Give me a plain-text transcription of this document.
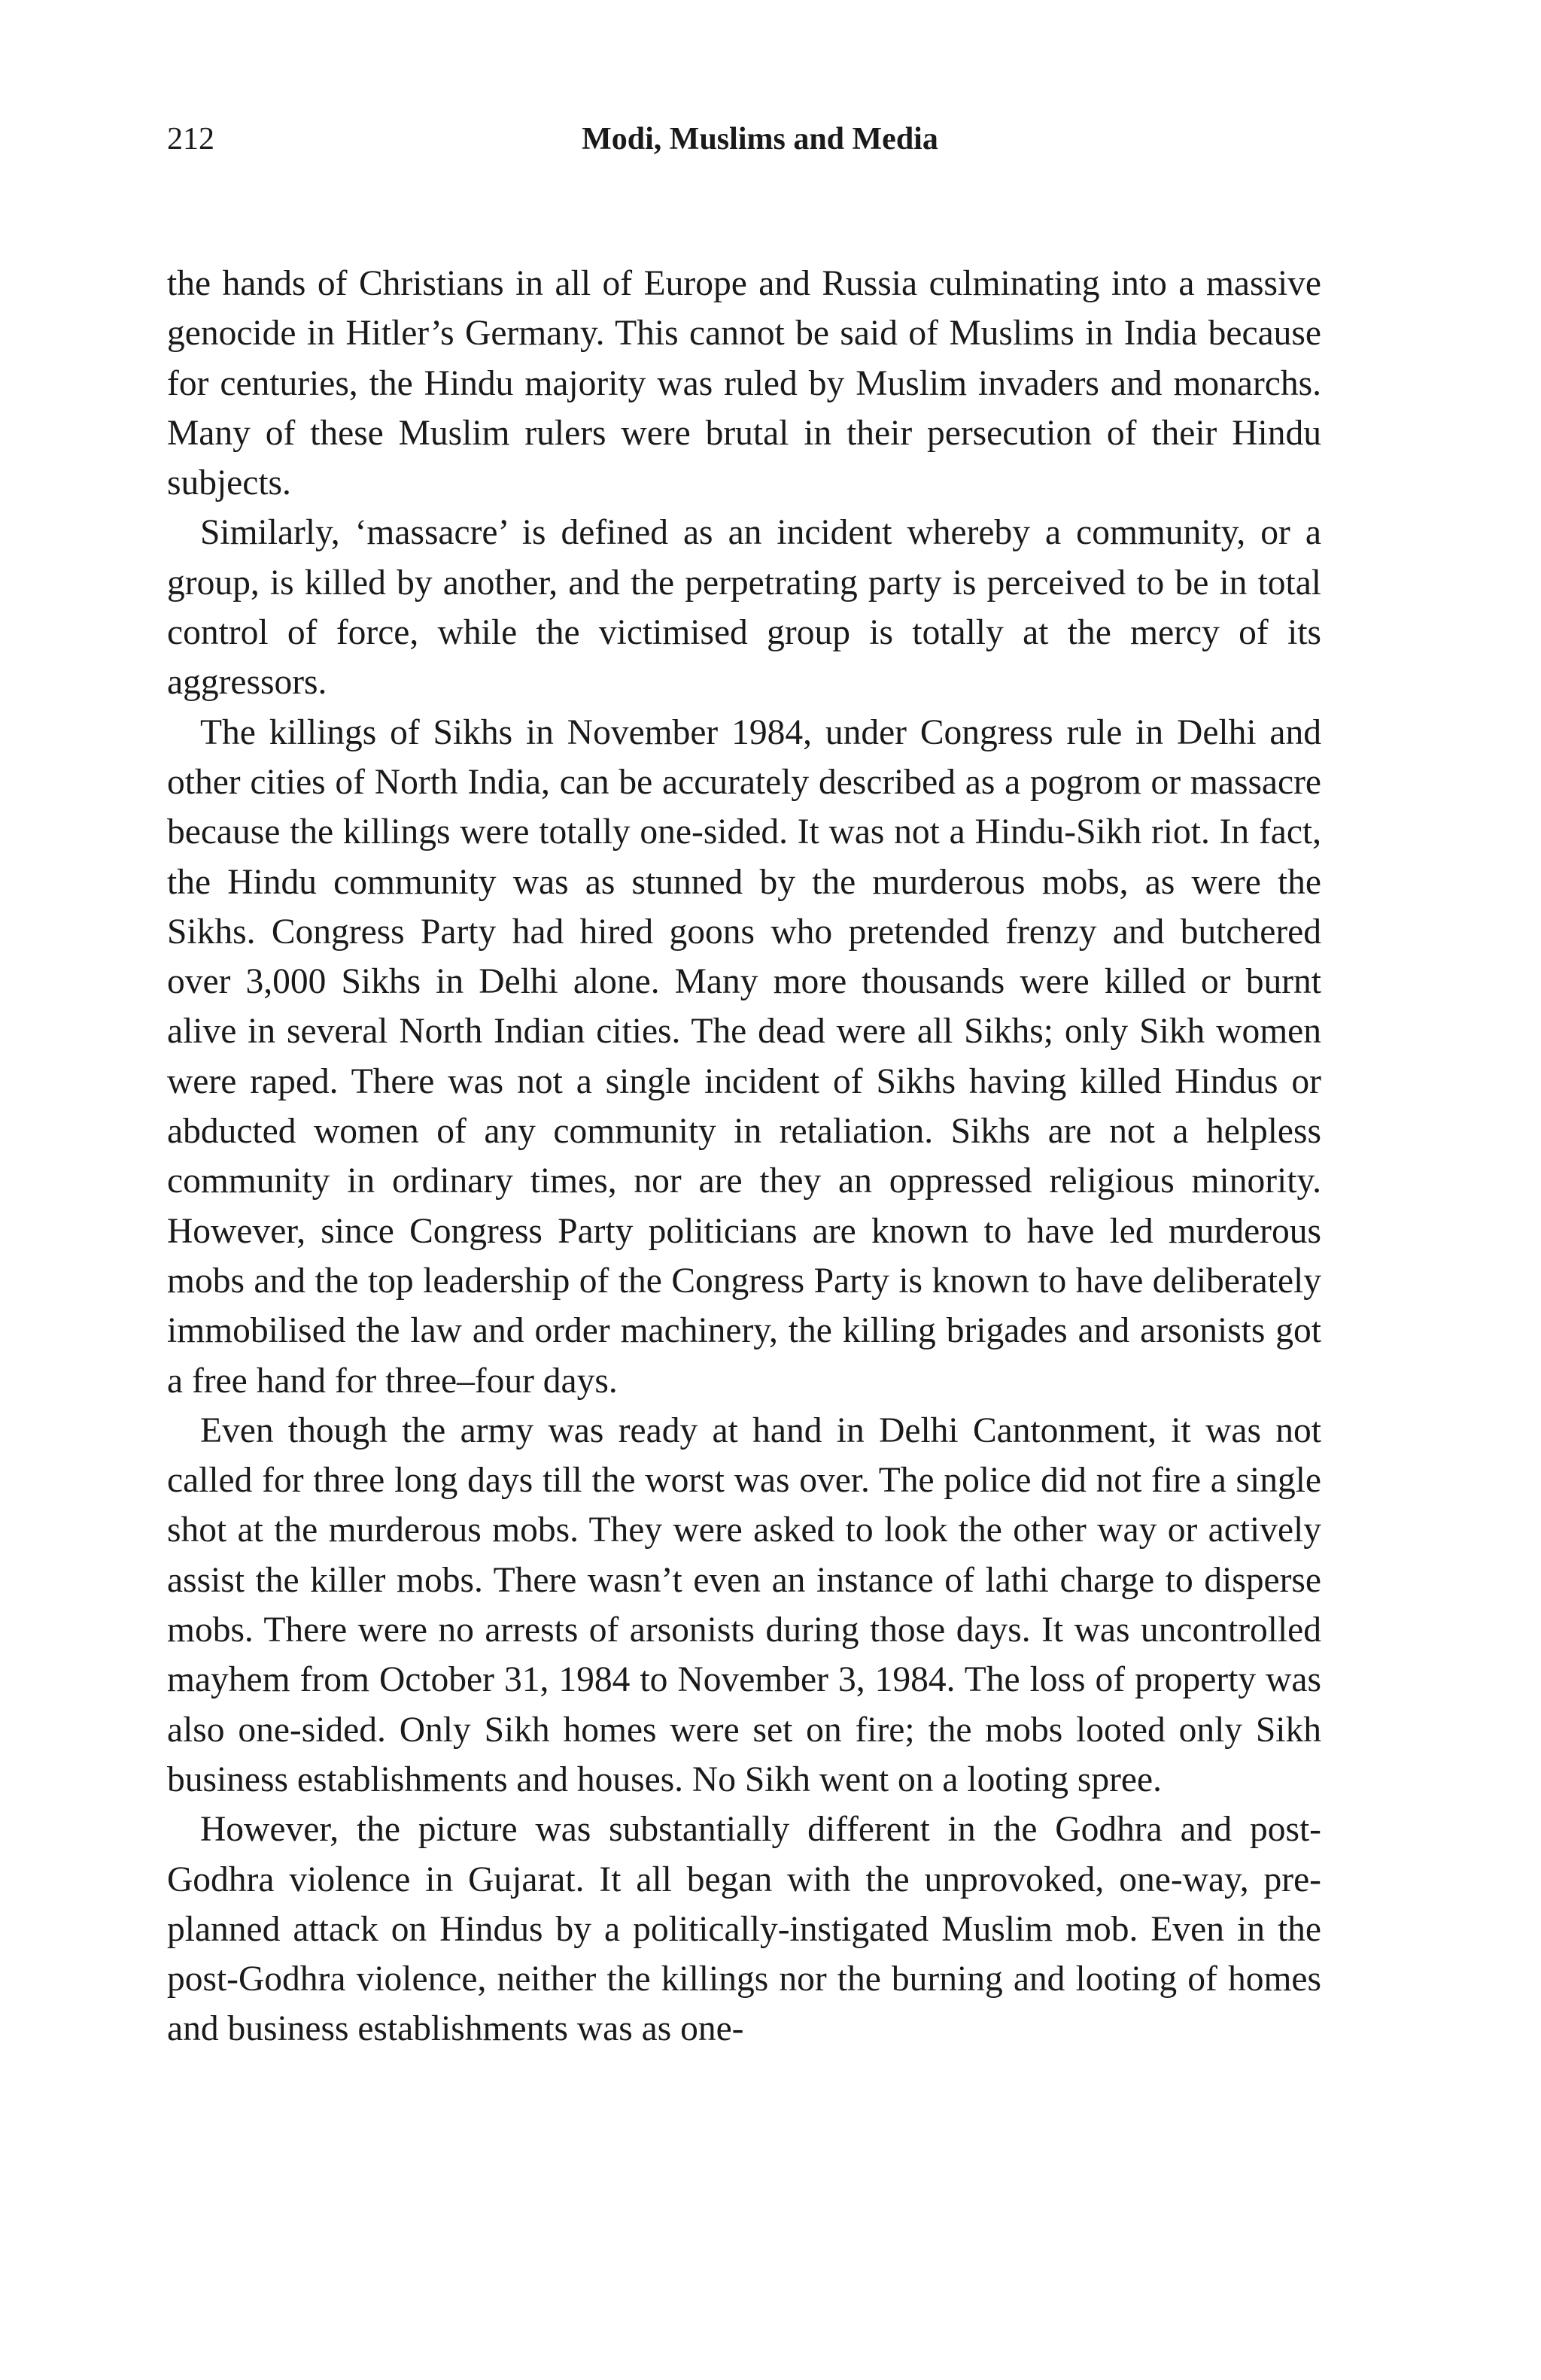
212	Modi, Muslims and Media

the hands of Christians in all of Europe and Russia culminating into a massive genocide in Hitler’s Germany. This cannot be said of Muslims in India because for centuries, the Hindu majority was ruled by Muslim invaders and monarchs. Many of these Muslim rulers were brutal in their persecution of their Hindu subjects.

Similarly, ‘massacre’ is defined as an incident whereby a community, or a group, is killed by another, and the perpetrating party is perceived to be in total control of force, while the victimised group is totally at the mercy of its aggressors.

The killings of Sikhs in November 1984, under Congress rule in Delhi and other cities of North India, can be accurately described as a pogrom or massacre because the killings were totally one-sided. It was not a Hindu-Sikh riot. In fact, the Hindu community was as stunned by the murderous mobs, as were the Sikhs. Congress Party had hired goons who pretended frenzy and butchered over 3,000 Sikhs in Delhi alone. Many more thousands were killed or burnt alive in several North Indian cities. The dead were all Sikhs; only Sikh women were raped. There was not a single incident of Sikhs having killed Hindus or abducted women of any community in retaliation. Sikhs are not a helpless community in ordinary times, nor are they an oppressed religious minority. However, since Congress Party politicians are known to have led murderous mobs and the top leadership of the Congress Party is known to have deliberately immobilised the law and order machinery, the killing brigades and arsonists got a free hand for three–four days.

Even though the army was ready at hand in Delhi Cantonment, it was not called for three long days till the worst was over. The police did not fire a single shot at the murderous mobs. They were asked to look the other way or actively assist the killer mobs. There wasn’t even an instance of lathi charge to disperse mobs. There were no arrests of arsonists during those days. It was uncontrolled mayhem from October 31, 1984 to November 3, 1984. The loss of property was also one-sided. Only Sikh homes were set on fire; the mobs looted only Sikh business establishments and houses. No Sikh went on a looting spree.

However, the picture was substantially different in the Godhra and post-Godhra violence in Gujarat. It all began with the unprovoked, one-way, pre-planned attack on Hindus by a politically-instigated Muslim mob. Even in the post-Godhra violence, neither the killings nor the burning and looting of homes and business establishments was as one-
